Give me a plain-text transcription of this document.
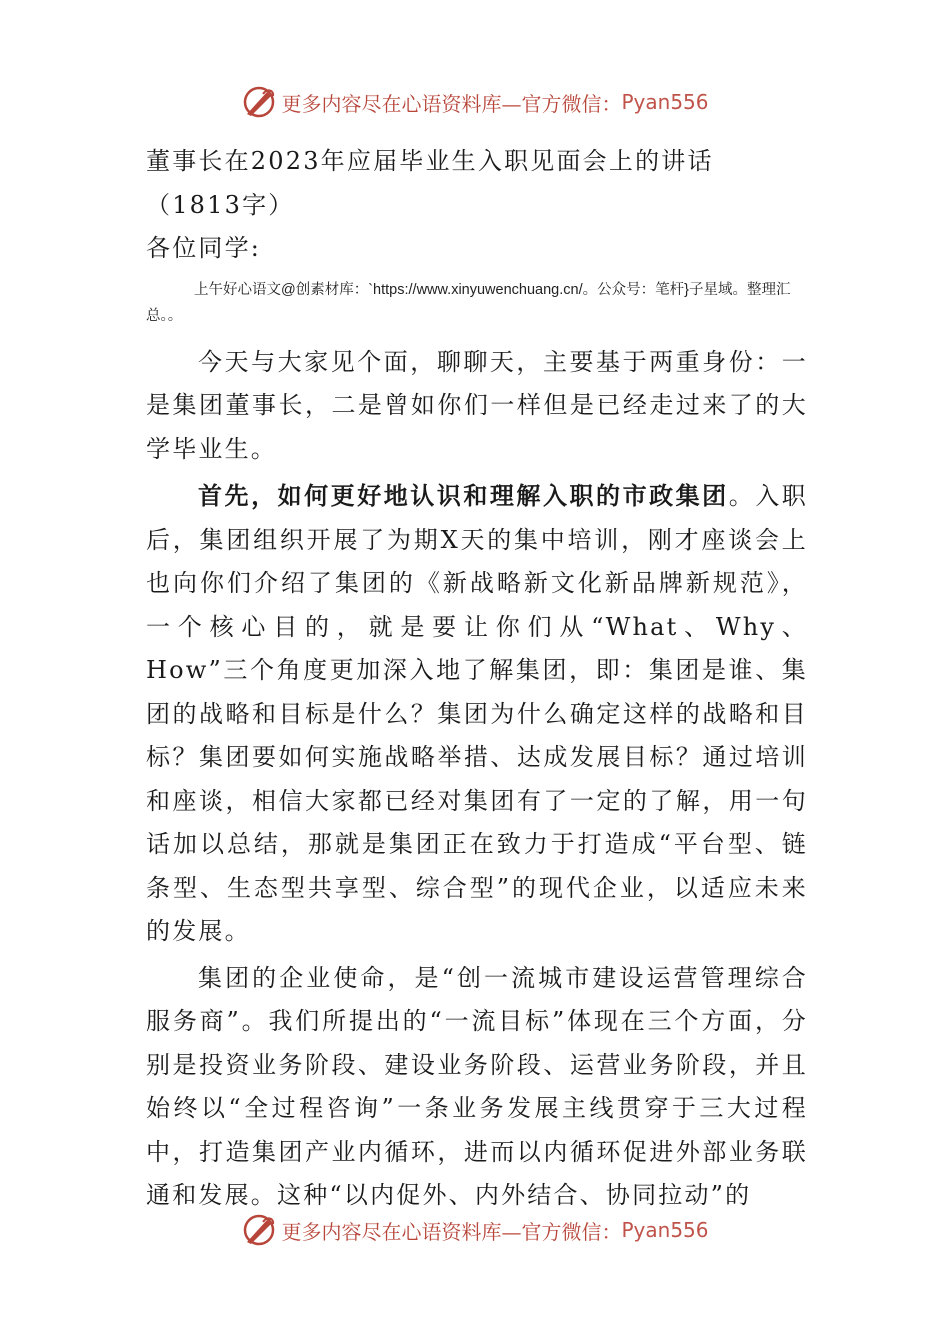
更多内容尽在心语资料库—官方微信： Pyan556
董事长在2023年应届毕业生入职见面会上的讲话（1813字）

各位同学:

上午好心语文@创素材库：`https://www.xinyuwenchuang.cn/。公众号：笔杆}子星域。整理汇总。。

今天与大家见个面，聊聊天，主要基于两重身份：一是集团董事长，二是曾如你们一样但是已经走过来了的大学毕业生。

首先，如何更好地认识和理解入职的市政集团。入职后，集团组织开展了为期X天的集中培训，刚才座谈会上也向你们介绍了集团的《新战略新文化新品牌新规范》，一个核心目的，就是要让你们从“What、Why、How”三个角度更加深入地了解集团，即：集团是谁、集团的战略和目标是什么？集团为什么确定这样的战略和目标？集团要如何实施战略举措、达成发展目标？通过培训和座谈，相信大家都已经对集团有了一定的了解，用一句话加以总结，那就是集团正在致力于打造成“平台型、链条型、生态型共享型、综合型”的现代企业，以适应未来的发展。

集团的企业使命，是“创一流城市建设运营管理综合服务商”。我们所提出的“一流目标”体现在三个方面，分别是投资业务阶段、建设业务阶段、运营业务阶段，并且始终以“全过程咨询”一条业务发展主线贯穿于三大过程中，打造集团产业内循环，进而以内循环促进外部业务联通和发展。这种“以内促外、内外结合、协同拉动”的

更多内容尽在心语资料库—官方微信： Pyan556
